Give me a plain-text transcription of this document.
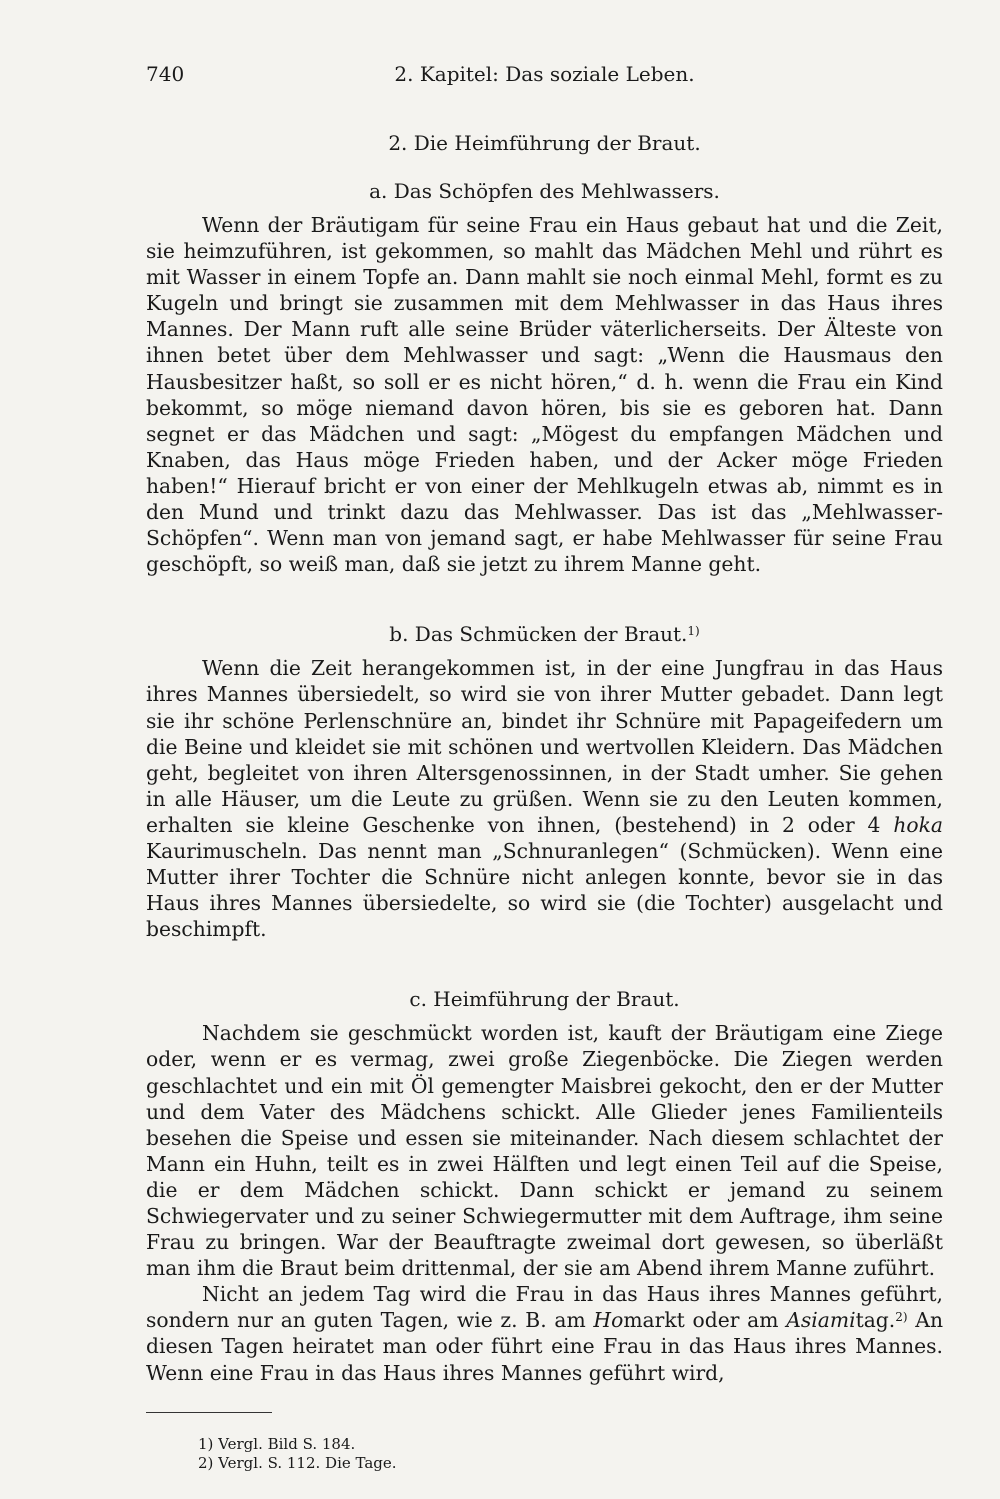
740	2. Kapitel: Das soziale Leben.
2. Die Heimführung der Braut.
a. Das Schöpfen des Mehlwassers.

Wenn der Bräutigam für seine Frau ein Haus gebaut hat und die Zeit, sie heimzuführen, ist gekommen, so mahlt das Mädchen Mehl und rührt es mit Wasser in einem Topfe an. Dann mahlt sie noch einmal Mehl, formt es zu Kugeln und bringt sie zusammen mit dem Mehlwasser in das Haus ihres Mannes. Der Mann ruft alle seine Brüder väterlicherseits. Der Älteste von ihnen betet über dem Mehlwasser und sagt: „Wenn die Hausmaus den Hausbesitzer haßt, so soll er es nicht hören,“ d. h. wenn die Frau ein Kind bekommt, so möge niemand davon hören, bis sie es geboren hat. Dann segnet er das Mädchen und sagt: „Mögest du empfangen Mädchen und Knaben, das Haus möge Frieden haben, und der Acker möge Frieden haben!“ Hierauf bricht er von einer der Mehlkugeln etwas ab, nimmt es in den Mund und trinkt dazu das Mehlwasser. Das ist das „Mehlwasser-Schöpfen“. Wenn man von jemand sagt, er habe Mehlwasser für seine Frau geschöpft, so weiß man, daß sie jetzt zu ihrem Manne geht.

b. Das Schmücken der Braut.$^{1)}$

Wenn die Zeit herangekommen ist, in der eine Jungfrau in das Haus ihres Mannes übersiedelt, so wird sie von ihrer Mutter gebadet. Dann legt sie ihr schöne Perlenschnüre an, bindet ihr Schnüre mit Papageifedern um die Beine und kleidet sie mit schönen und wertvollen Kleidern. Das Mädchen geht, begleitet von ihren Altersgenossinnen, in der Stadt umher. Sie gehen in alle Häuser, um die Leute zu grüßen. Wenn sie zu den Leuten kommen, erhalten sie kleine Geschenke von ihnen, (bestehend) in 2 oder 4 hoka Kaurimuscheln. Das nennt man „Schnuranlegen“ (Schmücken). Wenn eine Mutter ihrer Tochter die Schnüre nicht anlegen konnte, bevor sie in das Haus ihres Mannes übersiedelte, so wird sie (die Tochter) ausgelacht und beschimpft.

c. Heimführung der Braut.

Nachdem sie geschmückt worden ist, kauft der Bräutigam eine Ziege oder, wenn er es vermag, zwei große Ziegenböcke. Die Ziegen werden geschlachtet und ein mit Öl gemengter Maisbrei gekocht, den er der Mutter und dem Vater des Mädchens schickt. Alle Glieder jenes Familienteils besehen die Speise und essen sie miteinander. Nach diesem schlachtet der Mann ein Huhn, teilt es in zwei Hälften und legt einen Teil auf die Speise, die er dem Mädchen schickt. Dann schickt er jemand zu seinem Schwiegervater und zu seiner Schwiegermutter mit dem Auftrage, ihm seine Frau zu bringen. War der Beauftragte zweimal dort gewesen, so überläßt man ihm die Braut beim drittenmal, der sie am Abend ihrem Manne zuführt.

Nicht an jedem Tag wird die Frau in das Haus ihres Mannes geführt, sondern nur an guten Tagen, wie z. B. am Homarkt oder am Asiamitag.$^{2)}$ An diesen Tagen heiratet man oder führt eine Frau in das Haus ihres Mannes. Wenn eine Frau in das Haus ihres Mannes geführt wird,

1) Vergl. Bild S. 184.
2) Vergl. S. 112. Die Tage.
